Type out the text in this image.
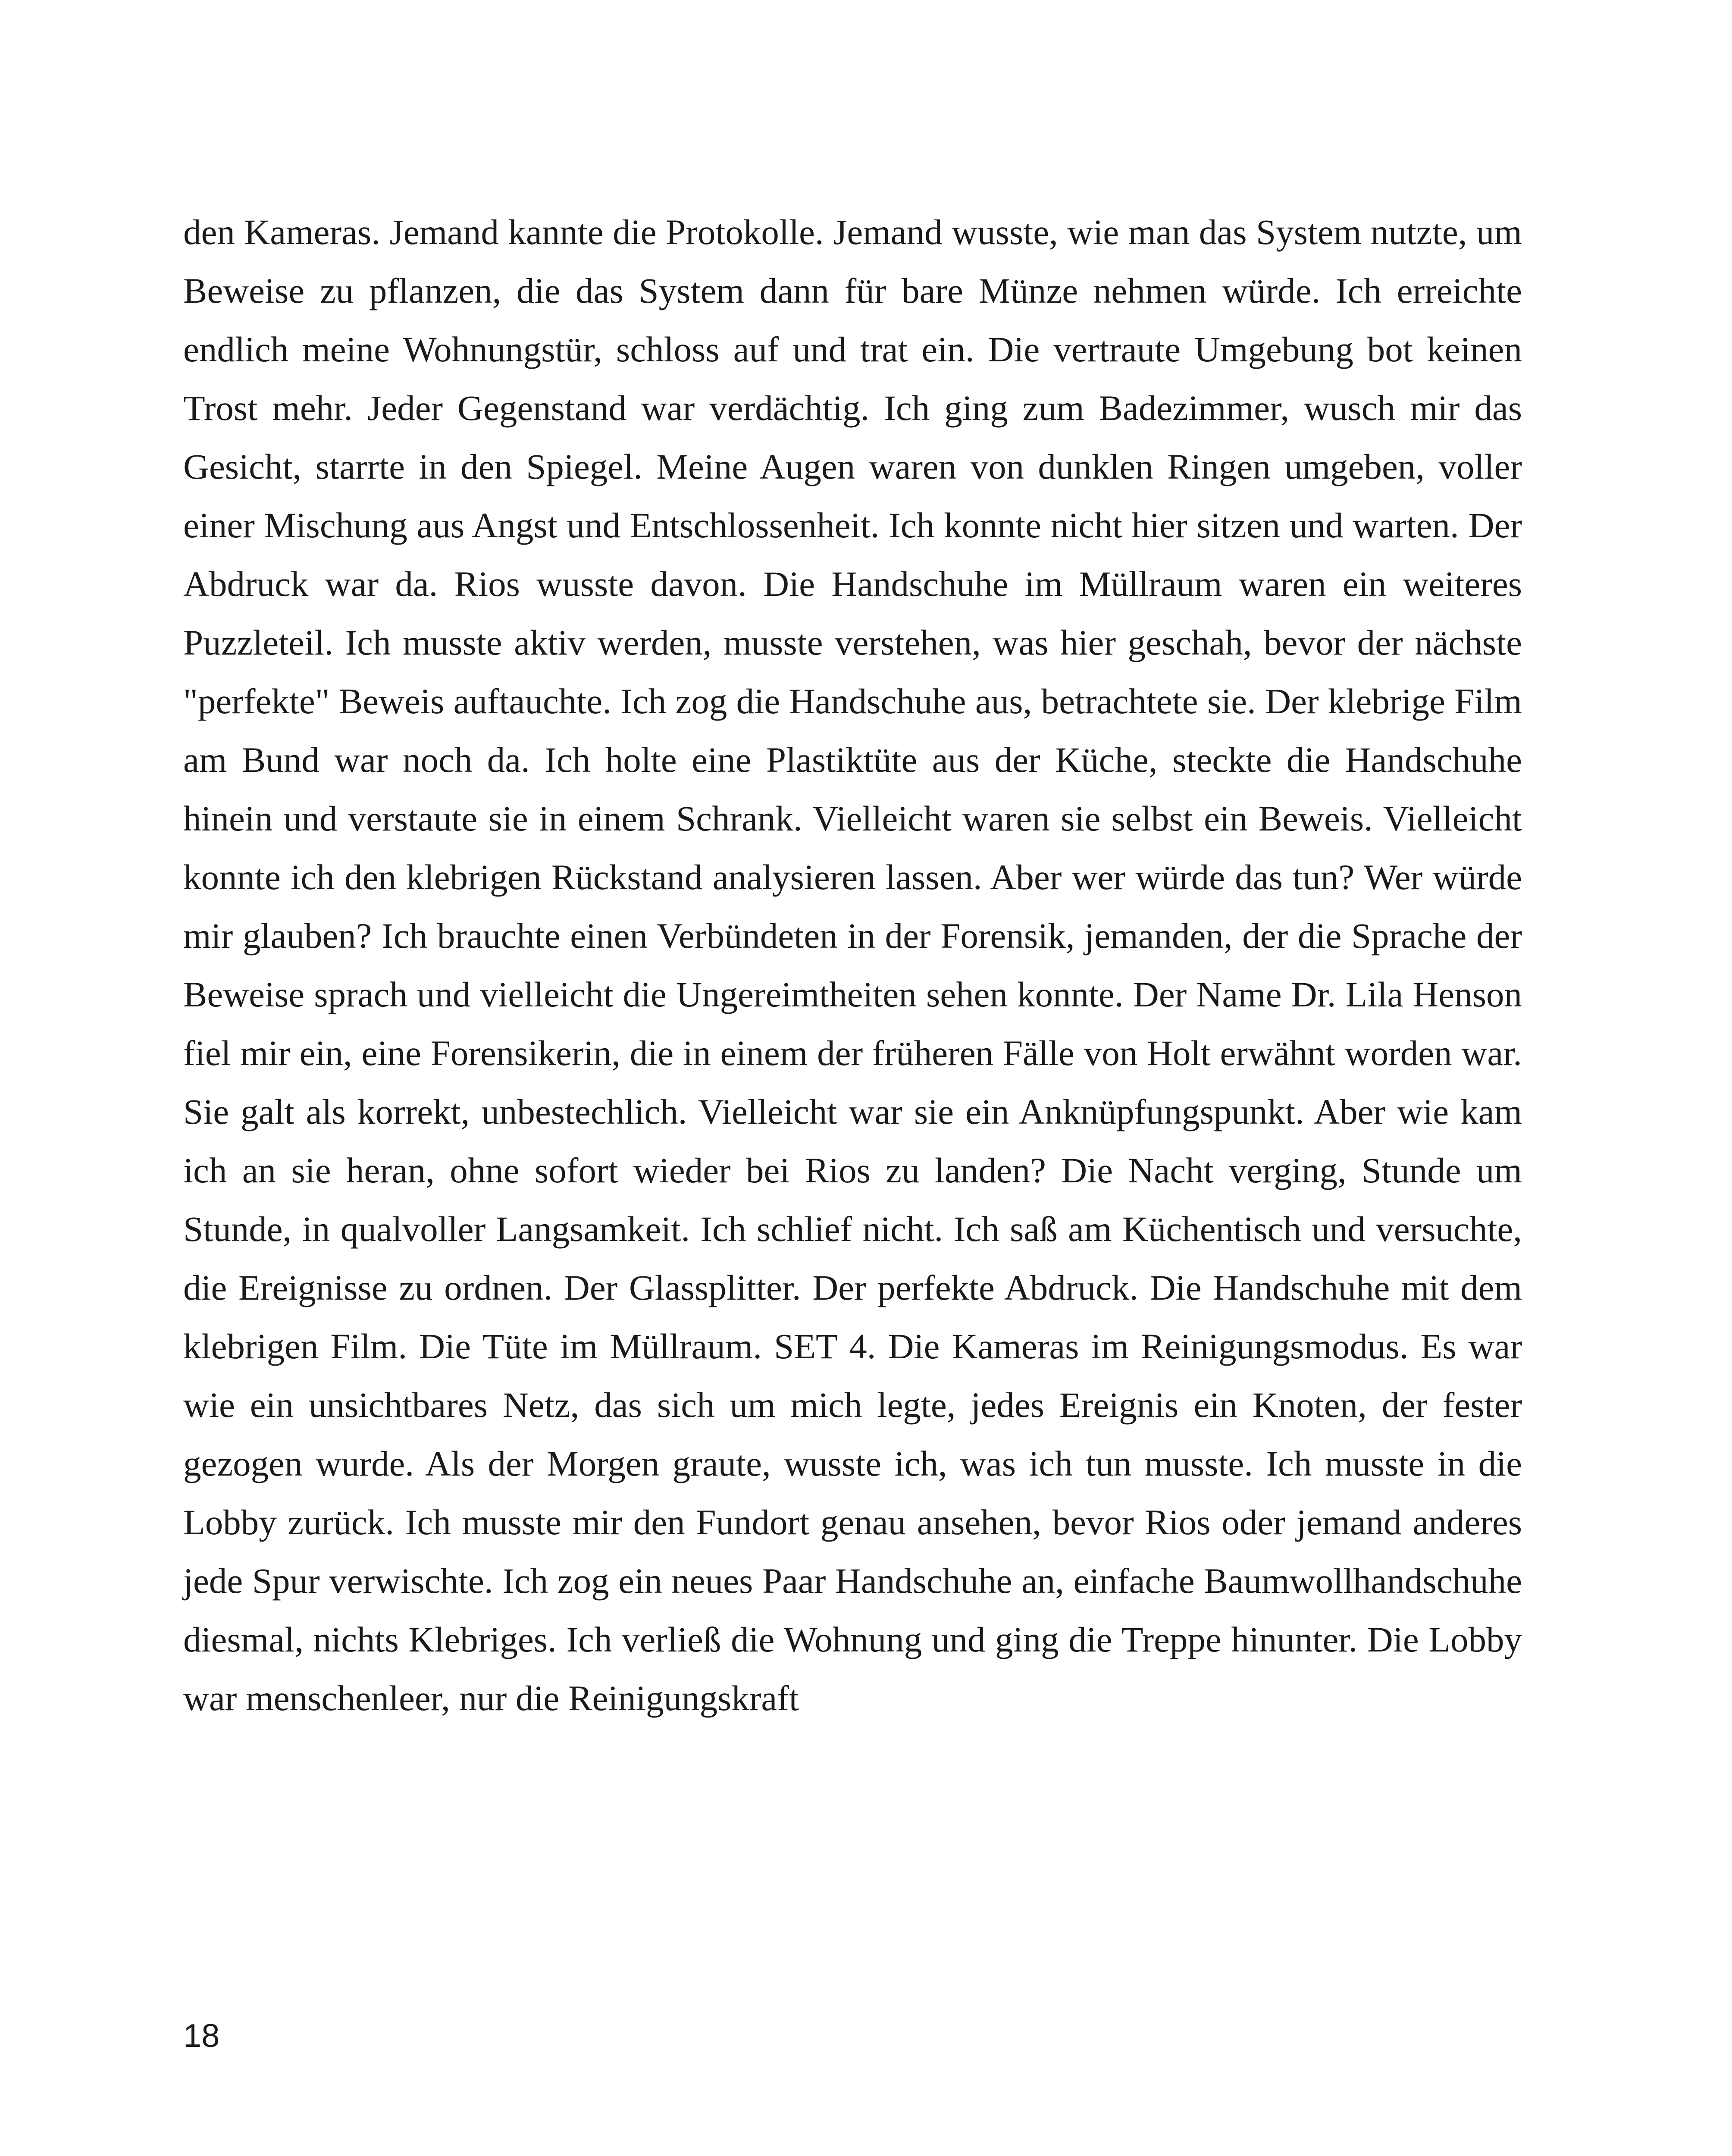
den Kameras. Jemand kannte die Protokolle. Jemand wusste, wie man das System nutzte, um Beweise zu pflanzen, die das System dann für bare Münze nehmen würde. Ich erreichte endlich meine Wohnungstür, schloss auf und trat ein. Die vertraute Umgebung bot keinen Trost mehr. Jeder Gegenstand war verdächtig. Ich ging zum Badezimmer, wusch mir das Gesicht, starrte in den Spiegel. Meine Augen waren von dunklen Ringen umgeben, voller einer Mischung aus Angst und Entschlossenheit. Ich konnte nicht hier sitzen und warten. Der Abdruck war da. Rios wusste davon. Die Handschuhe im Müllraum waren ein weiteres Puzzleteil. Ich musste aktiv werden, musste verstehen, was hier geschah, bevor der nächste "perfekte" Beweis auftauchte. Ich zog die Handschuhe aus, betrachtete sie. Der klebrige Film am Bund war noch da. Ich holte eine Plastiktüte aus der Küche, steckte die Handschuhe hinein und verstaute sie in einem Schrank. Vielleicht waren sie selbst ein Beweis. Vielleicht konnte ich den klebrigen Rückstand analysieren lassen. Aber wer würde das tun? Wer würde mir glauben? Ich brauchte einen Verbündeten in der Forensik, jemanden, der die Sprache der Beweise sprach und vielleicht die Ungereimtheiten sehen konnte. Der Name Dr. Lila Henson fiel mir ein, eine Forensikerin, die in einem der früheren Fälle von Holt erwähnt worden war. Sie galt als korrekt, unbestechlich. Vielleicht war sie ein Anknüpfungspunkt. Aber wie kam ich an sie heran, ohne sofort wieder bei Rios zu landen? Die Nacht verging, Stunde um Stunde, in qualvoller Langsamkeit. Ich schlief nicht. Ich saß am Küchentisch und versuchte, die Ereignisse zu ordnen. Der Glassplitter. Der perfekte Abdruck. Die Handschuhe mit dem klebrigen Film. Die Tüte im Müllraum. SET 4. Die Kameras im Reinigungsmodus. Es war wie ein unsichtbares Netz, das sich um mich legte, jedes Ereignis ein Knoten, der fester gezogen wurde. Als der Morgen graute, wusste ich, was ich tun musste. Ich musste in die Lobby zurück. Ich musste mir den Fundort genau ansehen, bevor Rios oder jemand anderes jede Spur verwischte. Ich zog ein neues Paar Handschuhe an, einfache Baumwollhandschuhe diesmal, nichts Klebriges. Ich verließ die Wohnung und ging die Treppe hinunter. Die Lobby war menschenleer, nur die Reinigungskraft

18
